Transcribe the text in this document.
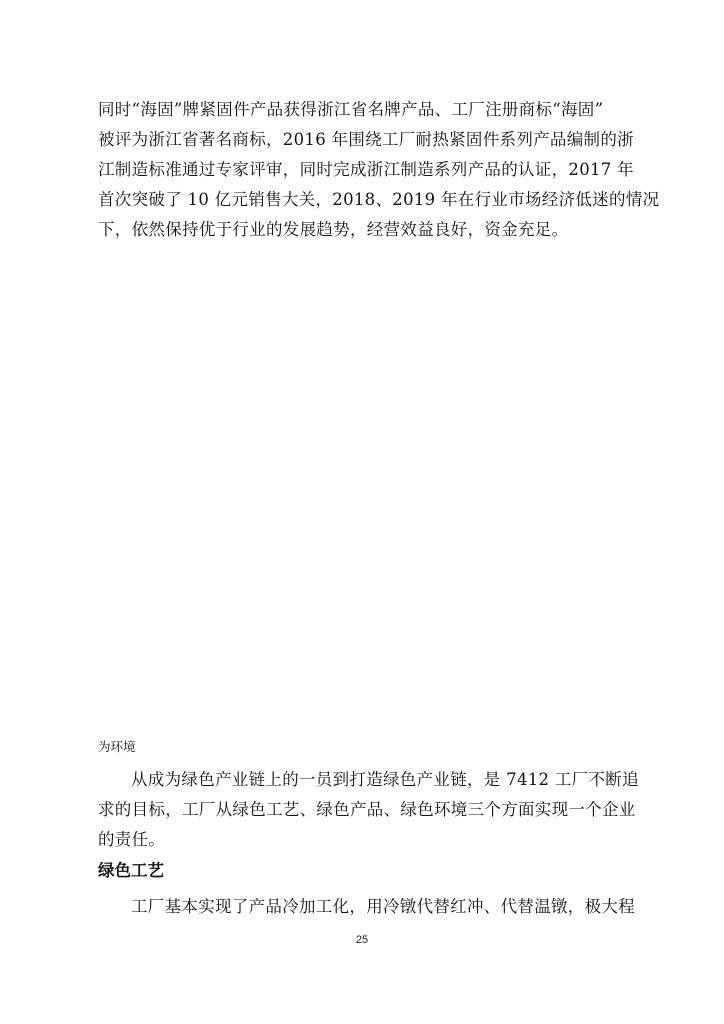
同时“海固”牌紧固件产品获得浙江省名牌产品、工厂注册商标“海固”
被评为浙江省著名商标，2016 年围绕工厂耐热紧固件系列产品编制的浙
江制造标准通过专家评审，同时完成浙江制造系列产品的认证，2017 年
首次突破了 10 亿元销售大关，2018、2019 年在行业市场经济低迷的情况
下，依然保持优于行业的发展趋势，经营效益良好，资金充足。
为环境
从成为绿色产业链上的一员到打造绿色产业链，是 7412 工厂不断追
求的目标，工厂从绿色工艺、绿色产品、绿色环境三个方面实现一个企业
的责任。
绿色工艺
工厂基本实现了产品冷加工化，用冷镦代替红冲、代替温镦，极大程
25
